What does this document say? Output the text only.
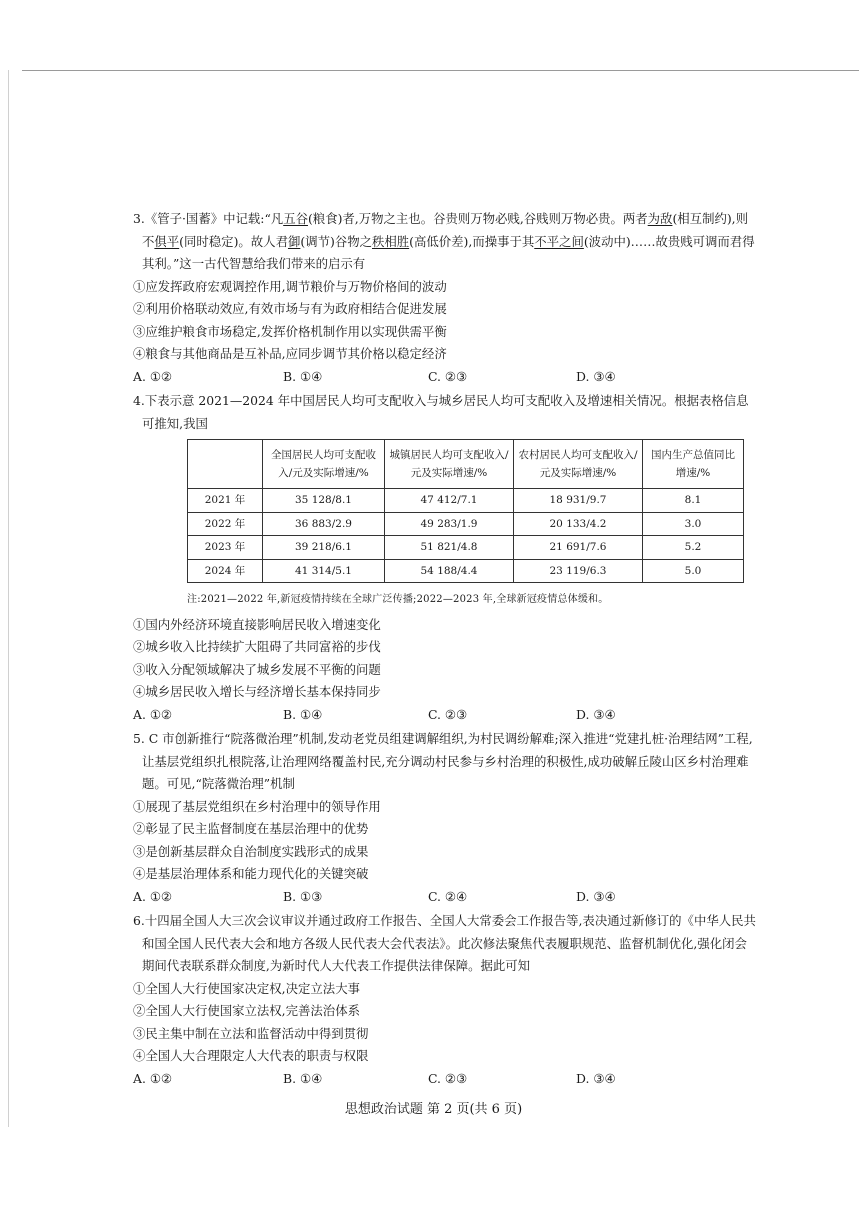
3.《管子·国蓄》中记载:“凡五谷(粮食)者,万物之主也。谷贵则万物必贱,谷贱则万物必贵。两者为敌(相互制约),则不俱平(同时稳定)。故人君御(调节)谷物之秩相胜(高低价差),而操事于其不平之间(波动中)……故贵贱可调而君得其利。”这一古代智慧给我们带来的启示有

①应发挥政府宏观调控作用,调节粮价与万物价格间的波动

②利用价格联动效应,有效市场与有为政府相结合促进发展

③应维护粮食市场稳定,发挥价格机制作用以实现供需平衡

④粮食与其他商品是互补品,应同步调节其价格以稳定经济

A. ①②	B. ①④	C. ②③	D. ③④

4.下表示意 2021—2024 年中国居民人均可支配收入与城乡居民人均可支配收入及增速相关情况。根据表格信息可推知,我国

	全国居民人均可支配收入/元及实际增速/%	城镇居民人均可支配收入/元及实际增速/%	农村居民人均可支配收入/元及实际增速/%	国内生产总值同比增速/%
2021 年	35 128/8.1	47 412/7.1	18 931/9.7	8.1
2022 年	36 883/2.9	49 283/1.9	20 133/4.2	3.0
2023 年	39 218/6.1	51 821/4.8	21 691/7.6	5.2
2024 年	41 314/5.1	54 188/4.4	23 119/6.3	5.0

注:2021—2022 年,新冠疫情持续在全球广泛传播;2022—2023 年,全球新冠疫情总体缓和。

①国内外经济环境直接影响居民收入增速变化

②城乡收入比持续扩大阻碍了共同富裕的步伐

③收入分配领域解决了城乡发展不平衡的问题

④城乡居民收入增长与经济增长基本保持同步

A. ①②	B. ①④	C. ②③	D. ③④

5. C 市创新推行“院落微治理”机制,发动老党员组建调解组织,为村民调纷解难;深入推进“党建扎桩·治理结网”工程,让基层党组织扎根院落,让治理网络覆盖村民,充分调动村民参与乡村治理的积极性,成功破解丘陵山区乡村治理难题。可见,“院落微治理”机制

①展现了基层党组织在乡村治理中的领导作用

②彰显了民主监督制度在基层治理中的优势

③是创新基层群众自治制度实践形式的成果

④是基层治理体系和能力现代化的关键突破

A. ①②	B. ①③	C. ②④	D. ③④

6.十四届全国人大三次会议审议并通过政府工作报告、全国人大常委会工作报告等,表决通过新修订的《中华人民共和国全国人民代表大会和地方各级人民代表大会代表法》。此次修法聚焦代表履职规范、监督机制优化,强化闭会期间代表联系群众制度,为新时代人大代表工作提供法律保障。据此可知

①全国人大行使国家决定权,决定立法大事

②全国人大行使国家立法权,完善法治体系

③民主集中制在立法和监督活动中得到贯彻

④全国人大合理限定人大代表的职责与权限

A. ①②	B. ①④	C. ②③	D. ③④
思想政治试题 第 2 页(共 6 页)
